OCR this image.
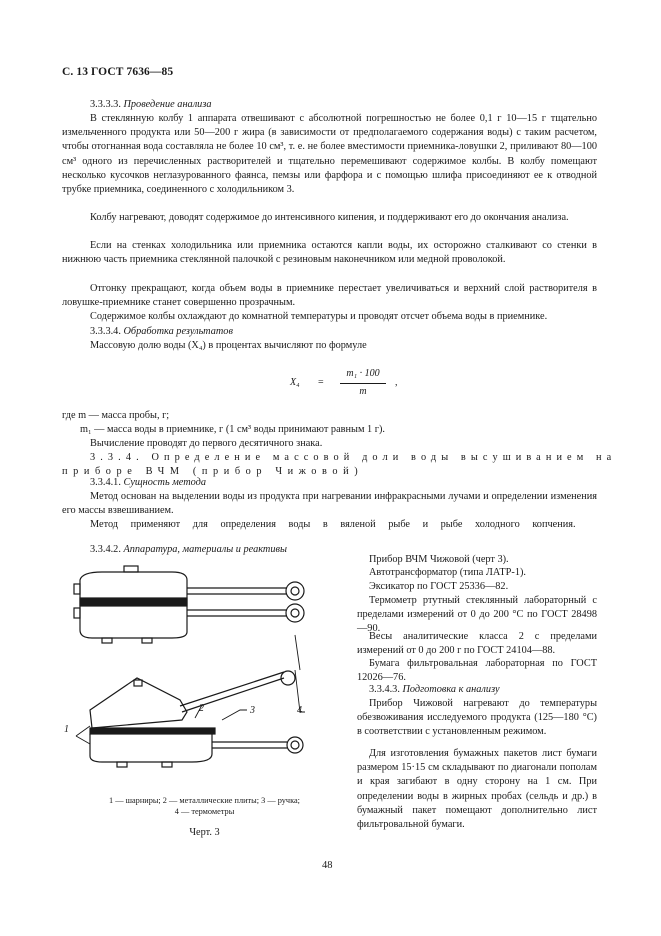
С. 13 ГОСТ 7636—85
3.3.3.3. Проведение анализа
В стеклянную колбу 1 аппарата отвешивают с абсолютной погрешностью не более 0,1 г 10—15 г тщательно измельченного продукта или 50—200 г жира (в зависимости от предполагаемого содержания воды) с таким расчетом, чтобы отогнанная вода составляла не более 10 см³, т. е. не более вместимости приемника-ловушки 2, приливают 80—100 см³ одного из перечисленных растворителей и тщательно перемешивают содержимое колбы. В колбу помещают несколько кусочков неглазурованного фаянса, пемзы или фарфора и с помощью шлифа присоединяют ее к отводной трубке приемника, соединенного с холодильником 3.
Колбу нагревают, доводят содержимое до интенсивного кипения, и поддерживают его до окончания анализа.
Если на стенках холодильника или приемника остаются капли воды, их осторожно сталкивают со стенки в нижнюю часть приемника стеклянной палочкой с резиновым наконечником или медной проволокой.
Отгонку прекращают, когда объем воды в приемнике перестает увеличиваться и верхний слой растворителя в ловушке-приемнике станет совершенно прозрачным.
Содержимое колбы охлаждают до комнатной температуры и проводят отсчет объема воды в приемнике.
3.3.3.4. Обработка результатов
Массовую долю воды (X₄) в процентах вычисляют по формуле
X₄ =
m₁ · 100
m
,
где m — масса пробы, г;
m₁ — масса воды в приемнике, г (1 см³ воды принимают равным 1 г).
Вычисление проводят до первого десятичного знака.
3.3.4. Определение массовой доли воды высушиванием на
приборе ВЧМ (прибор Чижовой)
3.3.4.1. Сущность метода
Метод основан на выделении воды из продукта при нагревании инфракрасными лучами и определении изменения его массы взвешиванием.
Метод применяют для определения воды в вяленой рыбе и рыбе холодного копчения.
3.3.4.2. Аппаратура, материалы и реактивы
Прибор ВЧМ Чижовой (черт 3).
Автотрансформатор (типа ЛАТР-1).
Эксикатор по ГОСТ 25336—82.
Термометр ртутный стеклянный лабораторный с пределами измерений от 0 до 200 °С по ГОСТ 28498—90.
Весы аналитические класса 2 с пределами измерений от 0 до 200 г по ГОСТ 24104—88.
Бумага фильтровальная лабораторная по ГОСТ 12026—76.
3.3.4.3. Подготовка к анализу
Прибор Чижовой нагревают до температуры обезвоживания исследуемого продукта (125—180 °С) в соответствии с установленным режимом.
Для изготовления бумажных пакетов лист бумаги размером 15·15 см складывают по диагонали пополам и края загибают в одну сторону на 1 см. При определении воды в жирных пробах (сельдь и др.) в бумажный пакет помещают дополнительно лист фильтровальной бумаги.
1
2	3	4
1 — шарниры; 2 — металлические плиты; 3 — ручка;
4 — термометры
Черт. 3
48
